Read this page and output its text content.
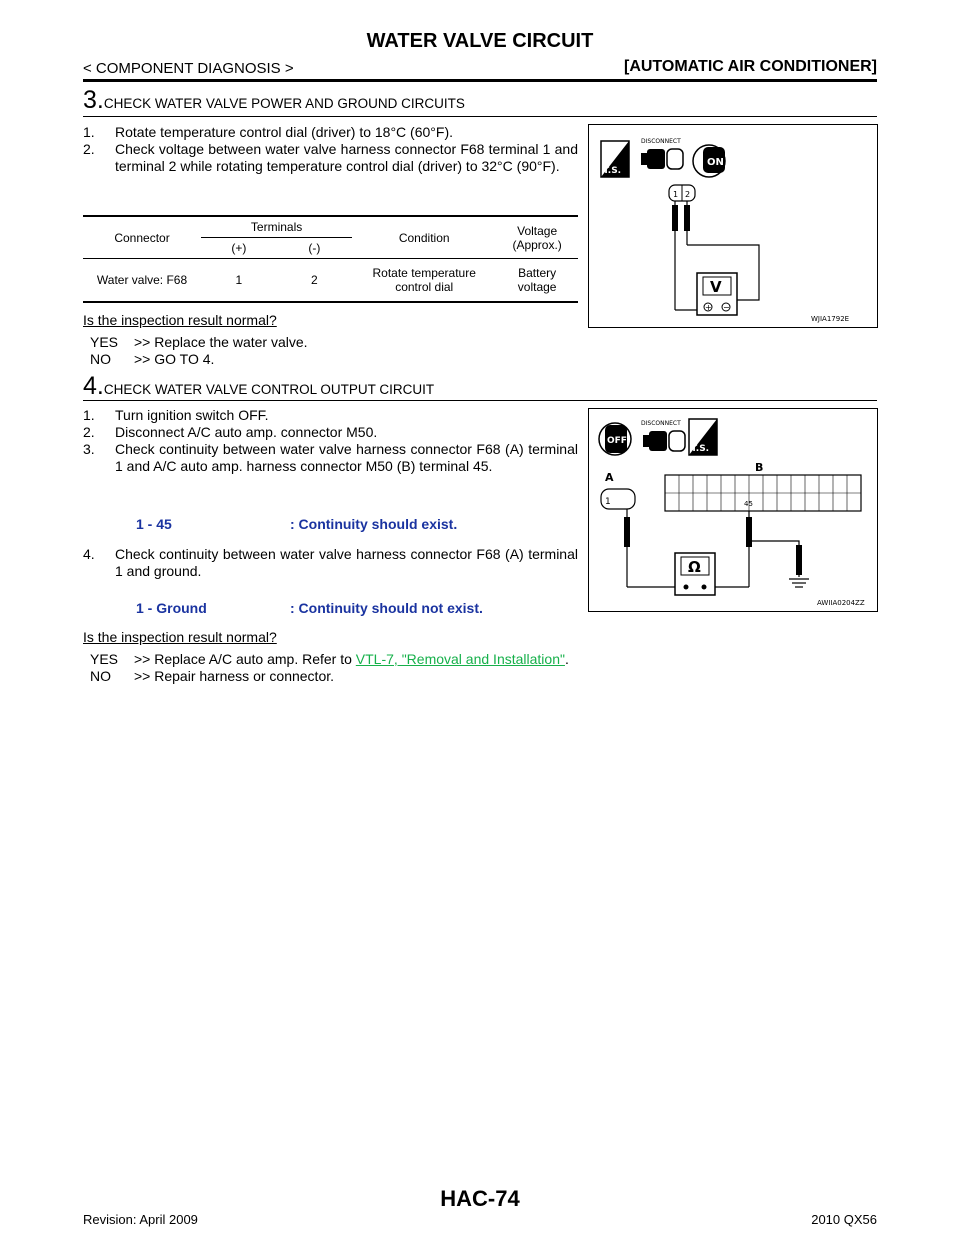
WATER VALVE CIRCUIT
< COMPONENT DIAGNOSIS >	[AUTOMATIC AIR CONDITIONER]
3.CHECK WATER VALVE POWER AND GROUND CIRCUITS
1.	Rotate temperature control dial (driver) to 18°C (60°F).
2.	Check voltage between water valve harness connector F68 terminal 1 and terminal 2 while rotating temperature control dial (driver) to 32°C (90°F).
Connector	Terminals		Condition	Voltage (Approx.)
	(+)	(-)		
Water valve: F68	1	2	Rotate temperature control dial	Battery voltage
Is the inspection result normal?
YES >> Replace the water valve.
NO >> GO TO 4.
T.S.
DISCONNECT
ON
1 2
V
+ −
WJIA1792E
4.CHECK WATER VALVE CONTROL OUTPUT CIRCUIT
1.	Turn ignition switch OFF.
2.	Disconnect A/C auto amp. connector M50.
3.	Check continuity between water valve harness connector F68 (A) terminal 1 and A/C auto amp. harness connector M50 (B) terminal 45.
1 - 45	: Continuity should exist.
4.	Check continuity between water valve harness connector F68 (A) terminal 1 and ground.
1 - Ground	: Continuity should not exist.
Is the inspection result normal?
YES >> Replace A/C auto amp. Refer to VTL-7, "Removal and Installation".
NO >> Repair harness or connector.
OFF
DISCONNECT
T.S.
A
1
B
45
Ω
AWIIA0204ZZ
HAC-74
Revision: April 2009	2010 QX56
